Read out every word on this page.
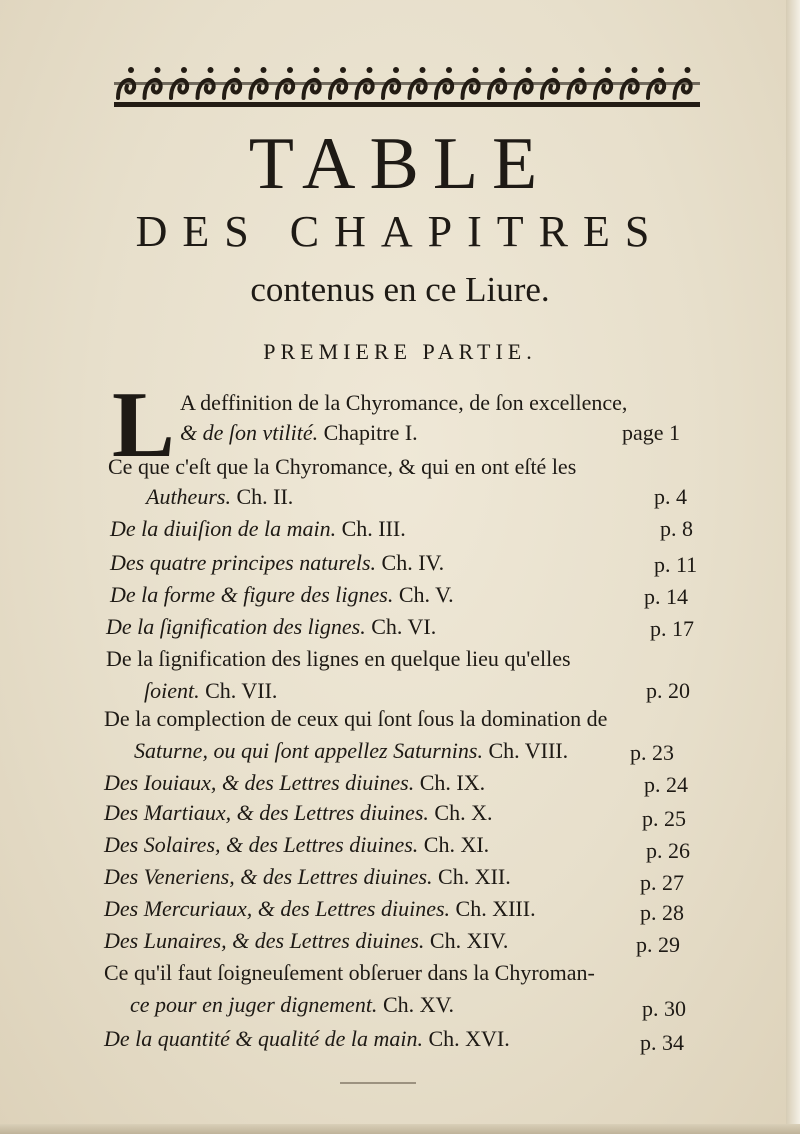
TABLE
DES CHAPITRES
contenus en ce Liure.
PREMIERE PARTIE.
L A deffinition de la Chyromance, de ſon excellence,
& de ſon vtilité. Chapitre I.	page 1
Ce que c'eſt que la Chyromance, & qui en ont eſté les
Autheurs. Ch. II.	p. 4
De la diuiſion de la main. Ch. III.	p. 8
Des quatre principes naturels. Ch. IV.	p. 11
De la forme & figure des lignes. Ch. V.	p. 14
De la ſignification des lignes. Ch. VI.	p. 17
De la ſignification des lignes en quelque lieu qu'elles
ſoient. Ch. VII.	p. 20
De la complection de ceux qui ſont ſous la domination de
Saturne, ou qui ſont appellez Saturnins. Ch. VIII.	p. 23
Des Iouiaux, & des Lettres diuines. Ch. IX.	p. 24
Des Martiaux, & des Lettres diuines. Ch. X.	p. 25
Des Solaires, & des Lettres diuines. Ch. XI.	p. 26
Des Veneriens, & des Lettres diuines. Ch. XII.	p. 27
Des Mercuriaux, & des Lettres diuines. Ch. XIII.	p. 28
Des Lunaires, & des Lettres diuines. Ch. XIV.	p. 29
Ce qu'il faut ſoigneuſement obſeruer dans la Chyroman-
ce pour en juger dignement. Ch. XV.	p. 30
De la quantité & qualité de la main. Ch. XVI.	p. 34
